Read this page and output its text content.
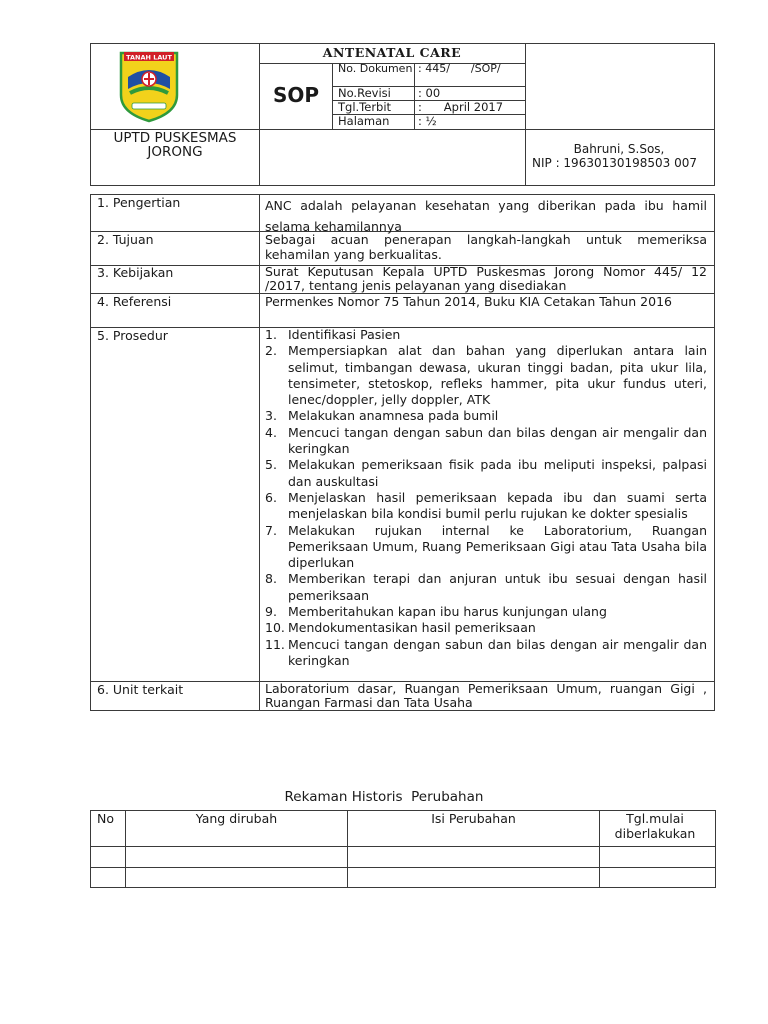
TANAH LAUT
UPTD PUSKESMAS JORONG
ANTENATAL CARE
SOP
No. Dokumen : 445/      /SOP/
No.Revisi : 00
Tgl.Terbit :      April 2017
Halaman : ½
Bahruni, S.Sos,
NIP : 19630130198503 007
1. Pengertian	ANC adalah pelayanan kesehatan yang diberikan pada ibu hamil selama kehamilannya
2. Tujuan	Sebagai acuan penerapan langkah-langkah untuk memeriksa kehamilan yang berkualitas.
3. Kebijakan	Surat Keputusan Kepala UPTD Puskesmas Jorong Nomor 445/ 12 /2017, tentang jenis pelayanan yang disediakan
4. Referensi	Permenkes Nomor 75 Tahun 2014, Buku KIA Cetakan Tahun 2016
5. Prosedur	1. Identifikasi Pasien
2. Mempersiapkan alat dan bahan yang diperlukan antara lain selimut, timbangan dewasa, ukuran tinggi badan, pita ukur lila, tensimeter, stetoskop, refleks hammer, pita ukur fundus uteri, lenec/doppler, jelly doppler, ATK
3. Melakukan anamnesa pada bumil
4. Mencuci tangan dengan sabun dan bilas dengan air mengalir dan keringkan
5. Melakukan pemeriksaan fisik pada ibu meliputi inspeksi, palpasi dan auskultasi
6. Menjelaskan hasil pemeriksaan kepada ibu dan suami serta menjelaskan bila kondisi bumil perlu rujukan ke dokter spesialis
7. Melakukan rujukan internal ke Laboratorium, Ruangan Pemeriksaan Umum, Ruang Pemeriksaan Gigi atau Tata Usaha bila diperlukan
8. Memberikan terapi dan anjuran untuk ibu sesuai dengan hasil pemeriksaan
9. Memberitahukan kapan ibu harus kunjungan ulang
10. Mendokumentasikan hasil pemeriksaan
11. Mencuci tangan dengan sabun dan bilas dengan air mengalir dan keringkan
6. Unit terkait	Laboratorium dasar, Ruangan Pemeriksaan Umum, ruangan Gigi , Ruangan Farmasi dan Tata Usaha
Rekaman Historis  Perubahan
No	Yang dirubah	Isi Perubahan	Tgl.mulai diberlakukan
